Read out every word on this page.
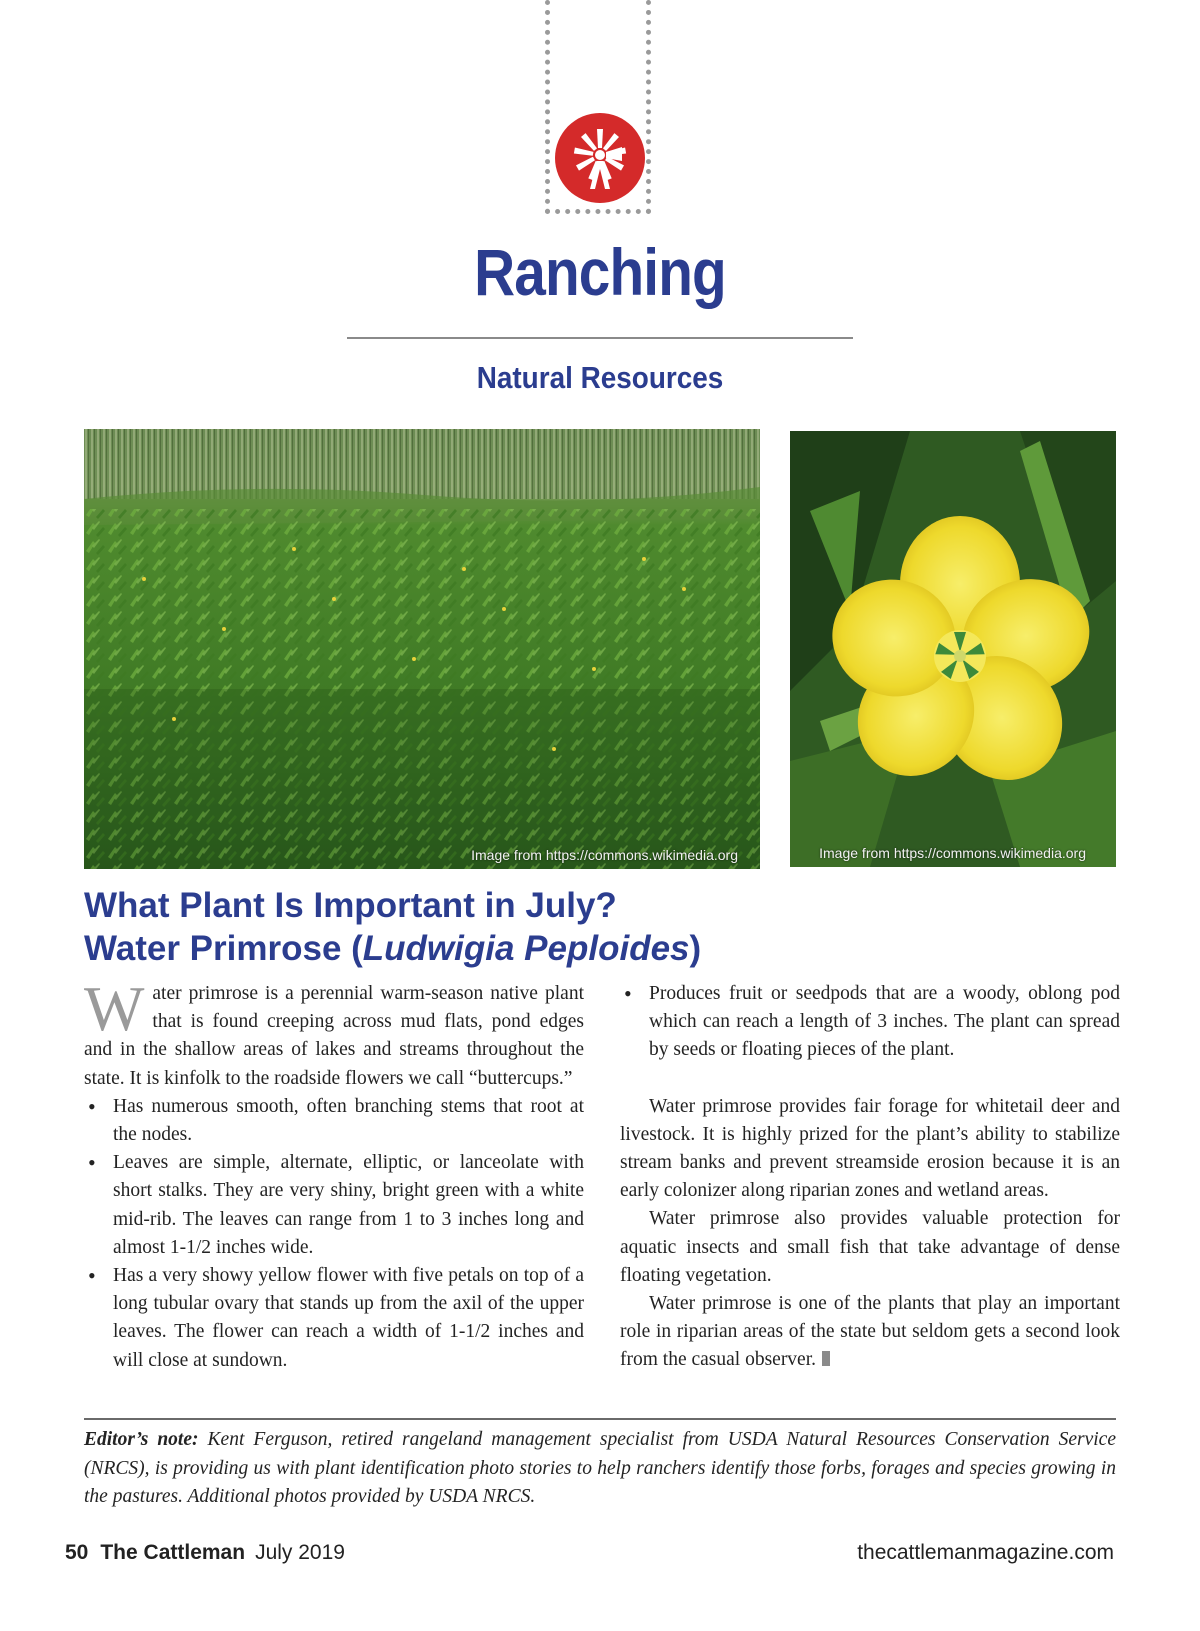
Ranching
Natural Resources
Image from https://commons.wikimedia.org	Image from https://commons.wikimedia.org
What Plant Is Important in July?
Water Primrose (Ludwigia Peploides)

Water primrose is a perennial warm-season native plant that is found creeping across mud flats, pond edges and in the shallow areas of lakes and streams throughout the state. It is kinfolk to the roadside flowers we call “buttercups.”

• Has numerous smooth, often branching stems that root at the nodes.
• Leaves are simple, alternate, elliptic, or lanceolate with short stalks. They are very shiny, bright green with a white mid-rib. The leaves can range from 1 to 3 inches long and almost 1-1/2 inches wide.
• Has a very showy yellow flower with five petals on top of a long tubular ovary that stands up from the axil of the upper leaves. The flower can reach a width of 1-1/2 inches and will close at sundown.
• Produces fruit or seedpods that are a woody, oblong pod which can reach a length of 3 inches. The plant can spread by seeds or floating pieces of the plant.

Water primrose provides fair forage for whitetail deer and livestock. It is highly prized for the plant’s ability to stabilize stream banks and prevent streamside erosion because it is an early colonizer along riparian zones and wetland areas.

Water primrose also provides valuable protection for aquatic insects and small fish that take advantage of dense floating vegetation.

Water primrose is one of the plants that play an important role in riparian areas of the state but seldom gets a second look from the casual observer.

Editor’s note: Kent Ferguson, retired rangeland management specialist from USDA Natural Resources Conservation Service (NRCS), is providing us with plant identification photo stories to help ranchers identify those forbs, forages and species growing in the pastures. Additional photos provided by USDA NRCS.
50 The Cattleman July 2019	thecattlemanmagazine.com
